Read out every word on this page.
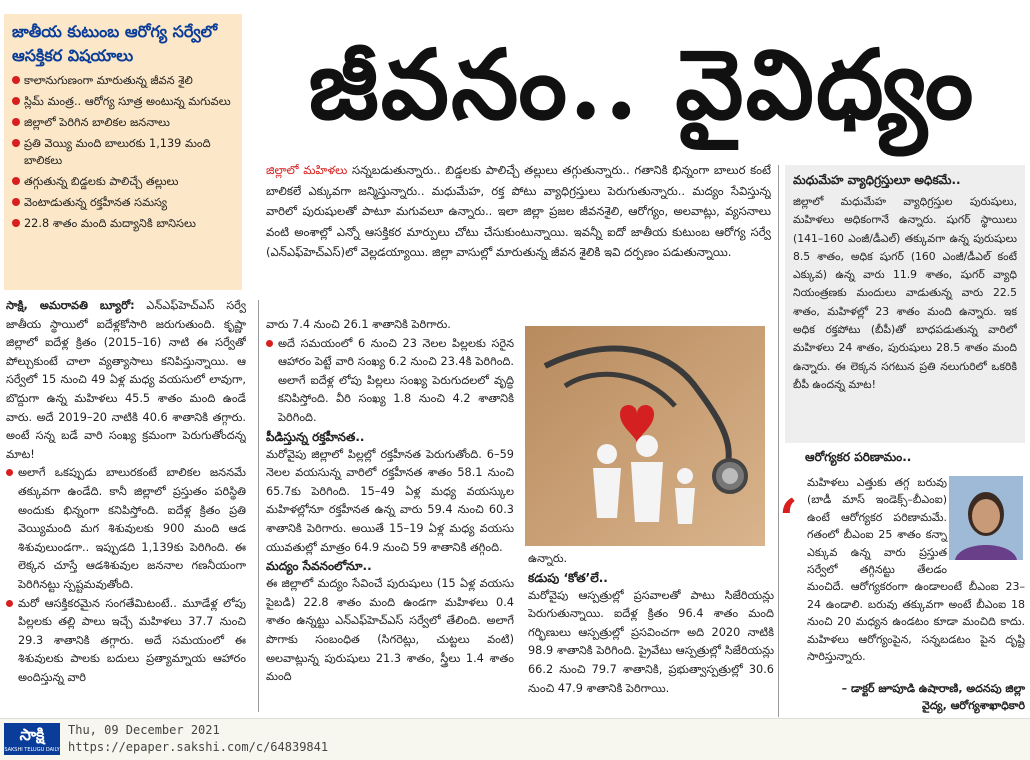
జాతీయ కుటుంబ ఆరోగ్య సర్వేలో ఆసక్తికర విషయాలు
కాలానుగుణంగా మారుతున్న జీవన శైలి
స్లిమ్‌ మంత్ర.. ఆరోగ్య సూత్ర అంటున్న మగువలు
జిల్లాలో పెరిగిన బాలికల జననాలు
ప్రతి వెయ్యి మంది బాలురకు 1,139 మంది బాలికలు
తగ్గుతున్న బిడ్డలకు పాలిచ్చే తల్లులు
వెంటాడుతున్న రక్తహీనత సమస్య
22.8 శాతం మంది మద్యానికి బానిసలు
జీవనం.. వైవిధ్యం

జిల్లాలో మహిళలు సన్నబడుతున్నారు.. బిడ్డలకు పాలిచ్చే తల్లులు తగ్గుతున్నారు.. గతానికి భిన్నంగా బాలుర కంటే బాలికలే ఎక్కువగా జన్మిస్తున్నారు.. మధుమేహ, రక్త పోటు వ్యాధిగ్రస్తులు పెరుగుతున్నారు.. మద్యం సేవిస్తున్న వారిలో పురుషులతో పాటూ మగువలూ ఉన్నారు.. ఇలా జిల్లా ప్రజల జీవనశైలి, ఆరోగ్యం, అలవాట్లు, వ్యసనాలు వంటి అంశాల్లో ఎన్నో ఆసక్తికర మార్పులు చోటు చేసుకుంటున్నాయి. ఇవన్నీ ఐదో జాతీయ కుటుంబ ఆరోగ్య సర్వే (ఎన్‌ఎఫ్‌హెచ్‌ఎస్‌)లో వెల్లడయ్యాయి. జిల్లా వాసుల్లో మారుతున్న జీవన శైలికి ఇవి దర్పణం పడుతున్నాయి.

సాక్షి, అమరావతి బ్యూరో: ఎన్‌ఎఫ్‌హెచ్‌ఎస్‌ సర్వే జాతీయ స్థాయిలో ఐదేళ్లకోసారి జరుగుతుంది. కృష్ణా జిల్లాలో ఐదేళ్ల క్రితం (2015–16) నాటి ఈ సర్వేతో పోల్చుకుంటే చాలా వ్యత్యాసాలు కనిపిస్తున్నాయి. ఆ సర్వేలో 15 నుంచి 49 ఏళ్ల మధ్య వయసులో లావుగా, బొద్దుగా ఉన్న మహిళలు 45.5 శాతం మంది ఉండే వారు. అదే 2019–20 నాటికి 40.6 శాతానికి తగ్గారు. అంటే సన్న బడే వారి సంఖ్య క్రమంగా పెరుగుతోందన్న మాట!

అలాగే ఒకప్పుడు బాలురకంటే బాలికల జననమే తక్కువగా ఉండేది. కానీ జిల్లాలో ప్రస్తుతం పరిస్థితి అందుకు భిన్నంగా కనిపిస్తోంది. ఐదేళ్ల క్రితం ప్రతి వెయ్యిమంది మగ శిశువులకు 900 మంది ఆడ శిశువులుండగా.. ఇప్పుడది 1,139కు పెరిగింది. ఈ లెక్కన చూస్తే ఆడశిశువుల జననాల గణనీయంగా పెరిగినట్టు స్పష్టమవుతోంది.

మరో ఆసక్తికరమైన సంగతేమిటంటే.. మూడేళ్ల లోపు పిల్లలకు తల్లి పాలు ఇచ్చే మహిళలు 37.7 నుంచి 29.3 శాతానికి తగ్గారు. అదే సమయంలో ఈ శిశువులకు పాలకు బదులు ప్రత్యామ్నాయ ఆహారం అందిస్తున్న వారి

వారు 7.4 నుంచి 26.1 శాతానికి పెరిగారు.

అదే సమయంలో 6 నుంచి 23 నెలల పిల్లలకు సరైన ఆహారం పెట్టే వారి సంఖ్య 6.2 నుంచి 23.4కి పెరిగింది. అలాగే ఐదేళ్ల లోపు పిల్లలు సంఖ్య పెరుగుదలలో వృద్ధి కనిపిస్తోంది. వీరి సంఖ్య 1.8 నుంచి 4.2 శాతానికి పెరిగింది.

పీడిస్తున్న రక్తహీనత..

మరోవైపు జిల్లాలో పిల్లల్లో రక్తహీనత పెరుగుతోంది. 6–59 నెలల వయసున్న వారిలో రక్తహీనత శాతం 58.1 నుంచి 65.7కు పెరిగింది. 15–49 ఏళ్ల మధ్య వయస్కుల మహిళల్లోనూ రక్తహీనత ఉన్న వారు 59.4 నుంచి 60.3 శాతానికి పెరిగారు. అయితే 15–19 ఏళ్ల మధ్య వయసు యువతుల్లో మాత్రం 64.9 నుంచి 59 శాతానికి తగ్గింది.

మద్యం సేవనంలోనూ..

ఈ జిల్లాలో మద్యం సేవించే పురుషులు (15 ఏళ్ల వయసు పైబడి) 22.8 శాతం మంది ఉండగా మహిళలు 0.4 శాతం ఉన్నట్టు ఎన్‌ఎఫ్‌హెచ్‌ఎస్‌ సర్వేలో తేలింది. అలాగే పొగాకు సంబంధిత (సిగరెట్లు, చుట్టలు వంటి) అలవాట్లున్న పురుషులు 21.3 శాతం, స్త్రీలు 1.4 శాతం మంది

ఉన్నారు.

కడుపు ‘కోత’లే..

మరోవైపు ఆస్పత్రుల్లో ప్రసవాలతో పాటు సిజేరియన్లు పెరుగుతున్నాయి. ఐదేళ్ల క్రితం 96.4 శాతం మంది గర్భిణులు ఆస్పత్రుల్లో ప్రసవించగా అది 2020 నాటికి 98.9 శాతానికి పెరిగింది. ప్రైవేటు ఆస్పత్రుల్లో సిజేరియన్లు 66.2 నుంచి 79.7 శాతానికి, ప్రభుత్వాస్పత్రుల్లో 30.6 నుంచి 47.9 శాతానికి పెరిగాయి.

మధుమేహ వ్యాధిగ్రస్తులూ అధికమే..
జిల్లాలో మధుమేహ వ్యాధిగ్రస్తుల పురుషులు, మహిళలు అధికంగానే ఉన్నారు. షుగర్‌ స్థాయిలు (141–160 ఎంజీ/డీఎల్‌) తక్కువగా ఉన్న పురుషులు 8.5 శాతం, అధిక షుగర్‌ (160 ఎంజీ/డీఎల్‌ కంటే ఎక్కువ) ఉన్న వారు 11.9 శాతం, షుగర్‌ వ్యాధి నియంత్రణకు మందులు వాడుతున్న వారు 22.5 శాతం, మహిళల్లో 23 శాతం మంది ఉన్నారు. ఇక అధిక రక్తపోటు (బీపీ)తో బాధపడుతున్న వారిలో మహిళలు 24 శాతం, పురుషులు 28.5 శాతం మంది ఉన్నారు. ఈ లెక్కన సగటున ప్రతి నలుగురిలో ఒకరికి బీపీ ఉందన్న మాట!
ఆరోగ్యకర పరిణామం..
‘
మహిళలు ఎత్తుకు తగ్గ బరువు (బాడీ మాస్‌ ఇండెక్స్‌–బీఎంఐ) ఉంటే ఆరోగ్యకర పరిణామమే. గతంలో బీఎంఐ 25 శాతం కన్నా ఎక్కువ ఉన్న వారు ప్రస్తుత సర్వేలో తగ్గినట్టు తేలడం మంచిదే. ఆరోగ్యకరంగా ఉండాలంటే బీఎంఐ 23–24 ఉండాలి. బరువు తక్కువగా అంటే బీఎంఐ 18 నుంచి 20 మధ్యన ఉండటం కూడా మంచిది కాదు. మహిళలు ఆరోగ్యంపైన, సన్నబడటం పైన దృష్టి సారిస్తున్నారు.
– డాక్టర్‌ జూపూడి ఉషారాణి, అదనపు జిల్లా వైద్య, ఆరోగ్యశాఖాధికారి
సాక్షి
SAKSHI TELUGU DAILY
Thu, 09 December 2021
https://epaper.sakshi.com/c/64839841
